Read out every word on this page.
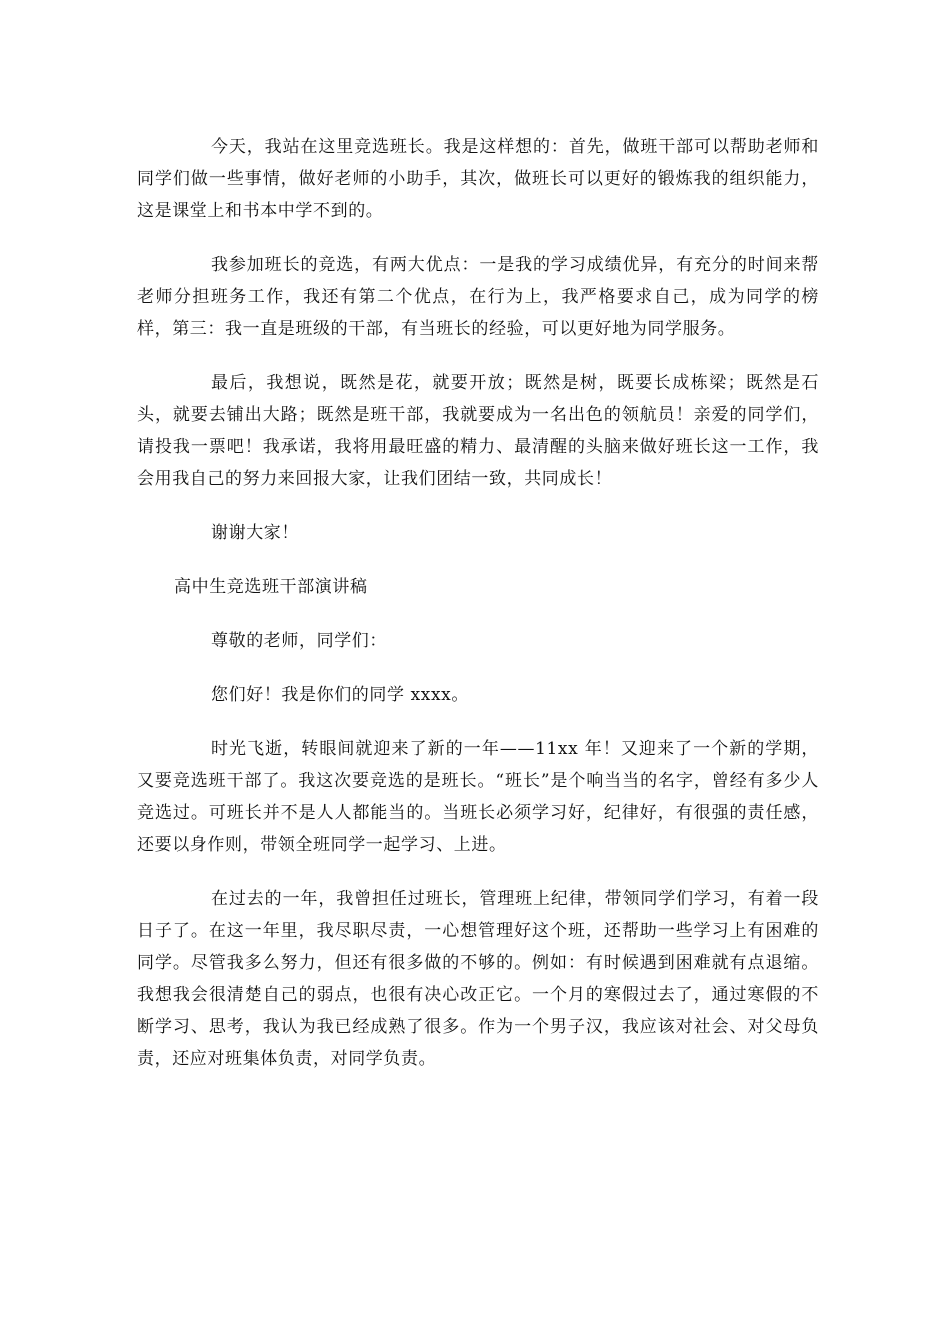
今天，我站在这里竞选班长。我是这样想的：首先，做班干部可以帮助老师和同学们做一些事情，做好老师的小助手，其次，做班长可以更好的锻炼我的组织能力，这是课堂上和书本中学不到的。

我参加班长的竞选，有两大优点：一是我的学习成绩优异，有充分的时间来帮老师分担班务工作，我还有第二个优点，在行为上，我严格要求自己，成为同学的榜样，第三：我一直是班级的干部，有当班长的经验，可以更好地为同学服务。

最后，我想说，既然是花，就要开放；既然是树，既要长成栋梁；既然是石头，就要去铺出大路；既然是班干部，我就要成为一名出色的领航员！亲爱的同学们，请投我一票吧！我承诺，我将用最旺盛的精力、最清醒的头脑来做好班长这一工作，我会用我自己的努力来回报大家，让我们团结一致，共同成长！

谢谢大家！

高中生竞选班干部演讲稿

尊敬的老师，同学们：

您们好！我是你们的同学 xxxx。

时光飞逝，转眼间就迎来了新的一年——11xx 年！又迎来了一个新的学期，又要竞选班干部了。我这次要竞选的是班长。“班长”是个响当当的名字，曾经有多少人竞选过。可班长并不是人人都能当的。当班长必须学习好，纪律好，有很强的责任感，还要以身作则，带领全班同学一起学习、上进。

在过去的一年，我曾担任过班长，管理班上纪律，带领同学们学习，有着一段日子了。在这一年里，我尽职尽责，一心想管理好这个班，还帮助一些学习上有困难的同学。尽管我多么努力，但还有很多做的不够的。例如：有时候遇到困难就有点退缩。我想我会很清楚自己的弱点，也很有决心改正它。一个月的寒假过去了，通过寒假的不断学习、思考，我认为我已经成熟了很多。作为一个男子汉，我应该对社会、对父母负责，还应对班集体负责，对同学负责。
